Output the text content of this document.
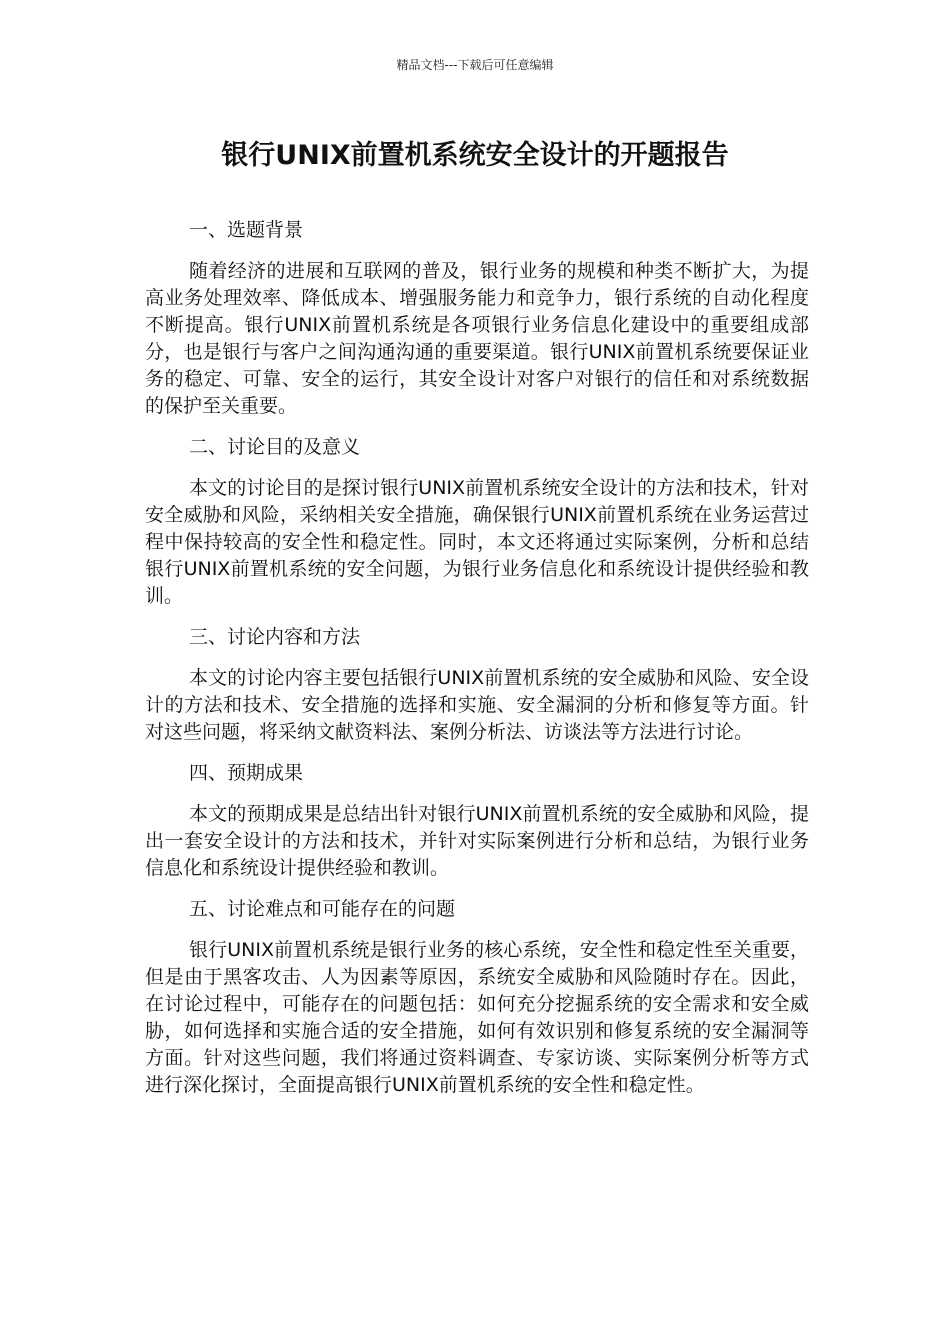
精品文档---下载后可任意编辑
银行UNIX前置机系统安全设计的开题报告

一、选题背景

随着经济的进展和互联网的普及，银行业务的规模和种类不断扩大，为提高业务处理效率、降低成本、增强服务能力和竞争力，银行系统的自动化程度不断提高。银行UNIX前置机系统是各项银行业务信息化建设中的重要组成部分，也是银行与客户之间沟通沟通的重要渠道。银行UNIX前置机系统要保证业务的稳定、可靠、安全的运行，其安全设计对客户对银行的信任和对系统数据的保护至关重要。

二、讨论目的及意义

本文的讨论目的是探讨银行UNIX前置机系统安全设计的方法和技术，针对安全威胁和风险，采纳相关安全措施，确保银行UNIX前置机系统在业务运营过程中保持较高的安全性和稳定性。同时，本文还将通过实际案例，分析和总结银行UNIX前置机系统的安全问题，为银行业务信息化和系统设计提供经验和教训。

三、讨论内容和方法

本文的讨论内容主要包括银行UNIX前置机系统的安全威胁和风险、安全设计的方法和技术、安全措施的选择和实施、安全漏洞的分析和修复等方面。针对这些问题，将采纳文献资料法、案例分析法、访谈法等方法进行讨论。

四、预期成果

本文的预期成果是总结出针对银行UNIX前置机系统的安全威胁和风险，提出一套安全设计的方法和技术，并针对实际案例进行分析和总结，为银行业务信息化和系统设计提供经验和教训。

五、讨论难点和可能存在的问题

银行UNIX前置机系统是银行业务的核心系统，安全性和稳定性至关重要，但是由于黑客攻击、人为因素等原因，系统安全威胁和风险随时存在。因此，在讨论过程中，可能存在的问题包括：如何充分挖掘系统的安全需求和安全威胁，如何选择和实施合适的安全措施，如何有效识别和修复系统的安全漏洞等方面。针对这些问题，我们将通过资料调查、专家访谈、实际案例分析等方式进行深化探讨，全面提高银行UNIX前置机系统的安全性和稳定性。
